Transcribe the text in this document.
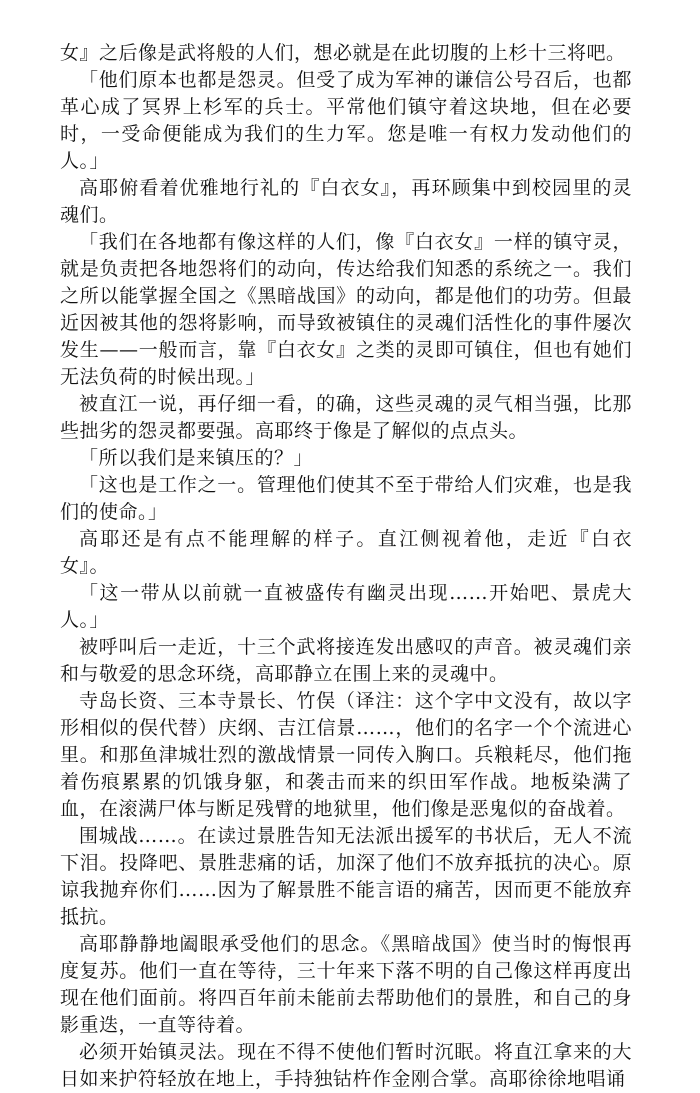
女』之后像是武将般的人们，想必就是在此切腹的上杉十三将吧。

「他们原本也都是怨灵。但受了成为军神的谦信公号召后，也都革心成了冥界上杉军的兵士。平常他们镇守着这块地，但在必要时，一受命便能成为我们的生力军。您是唯一有权力发动他们的人。」

高耶俯看着优雅地行礼的『白衣女』，再环顾集中到校园里的灵魂们。

「我们在各地都有像这样的人们，像『白衣女』一样的镇守灵，就是负责把各地怨将们的动向，传达给我们知悉的系统之一。我们之所以能掌握全国之《黑暗战国》的动向，都是他们的功劳。但最近因被其他的怨将影响，而导致被镇住的灵魂们活性化的事件屡次发生——一般而言，靠『白衣女』之类的灵即可镇住，但也有她们无法负荷的时候出现。」

被直江一说，再仔细一看，的确，这些灵魂的灵气相当强，比那些拙劣的怨灵都要强。高耶终于像是了解似的点点头。

「所以我们是来镇压的？」

「这也是工作之一。管理他们使其不至于带给人们灾难，也是我们的使命。」

高耶还是有点不能理解的样子。直江侧视着他，走近『白衣女』。

「这一带从以前就一直被盛传有幽灵出现……开始吧、景虎大人。」

被呼叫后一走近，十三个武将接连发出感叹的声音。被灵魂们亲和与敬爱的思念环绕，高耶静立在围上来的灵魂中。

寺岛长资、三本寺景长、竹俣（译注：这个字中文没有，故以字形相似的俣代替）庆纲、吉江信景……，他们的名字一个个流进心里。和那鱼津城壮烈的激战情景一同传入胸口。兵粮耗尽，他们拖着伤痕累累的饥饿身躯，和袭击而来的织田军作战。地板染满了血，在滚满尸体与断足残臂的地狱里，他们像是恶鬼似的奋战着。

围城战……。在读过景胜告知无法派出援军的书状后，无人不流下泪。投降吧、景胜悲痛的话，加深了他们不放弃抵抗的决心。原谅我抛弃你们……因为了解景胜不能言语的痛苦，因而更不能放弃抵抗。

高耶静静地阖眼承受他们的思念。《黑暗战国》使当时的悔恨再度复苏。他们一直在等待，三十年来下落不明的自己像这样再度出现在他们面前。将四百年前未能前去帮助他们的景胜，和自己的身影重迭，一直等待着。

必须开始镇灵法。现在不得不使他们暂时沉眠。将直江拿来的大日如来护符轻放在地上，手持独钴杵作金刚合掌。高耶徐徐地唱诵
